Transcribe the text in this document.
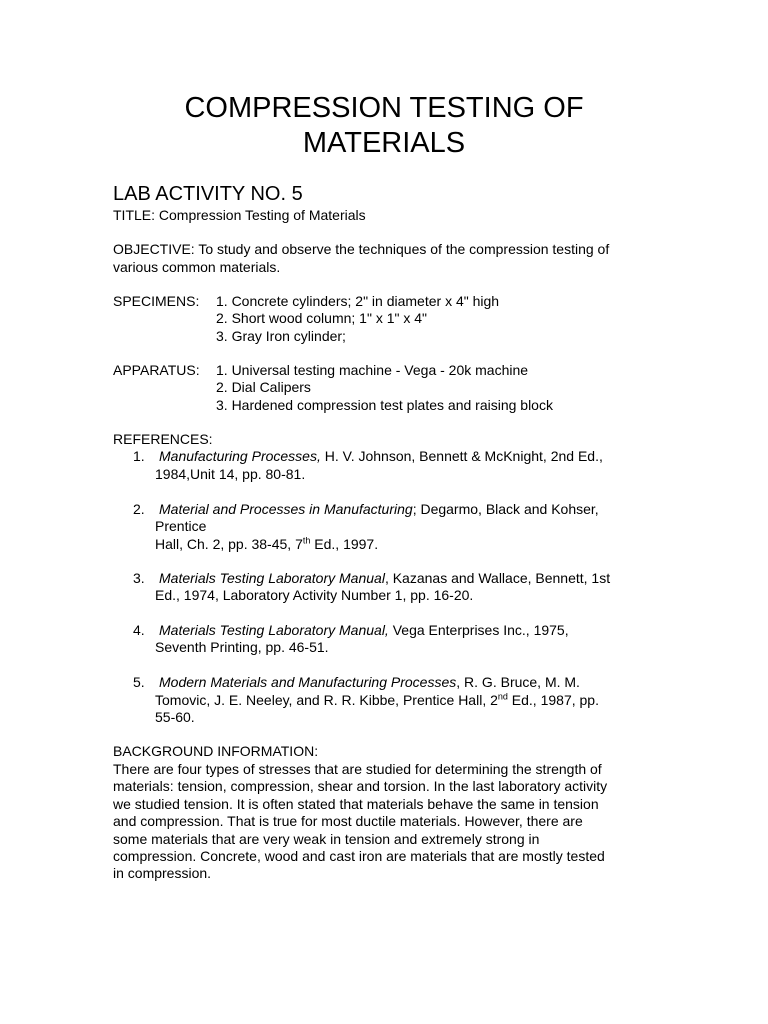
COMPRESSION TESTING OF
MATERIALS
LAB ACTIVITY NO. 5
TITLE: Compression Testing of Materials
OBJECTIVE: To study and observe the techniques of the compression testing of
various common materials.
SPECIMENS: 1. Concrete cylinders; 2" in diameter x 4" high
2. Short wood column; 1" x 1" x 4"
3. Gray Iron cylinder;
APPARATUS: 1. Universal testing machine - Vega - 20k machine
2. Dial Calipers
3. Hardened compression test plates and raising block
REFERENCES:
1. Manufacturing Processes, H. V. Johnson, Bennett & McKnight, 2nd Ed.,
1984,Unit 14, pp. 80-81.
2. Material and Processes in Manufacturing; Degarmo, Black and Kohser,
Prentice
Hall, Ch. 2, pp. 38-45, 7th Ed., 1997.
3. Materials Testing Laboratory Manual, Kazanas and Wallace, Bennett, 1st
Ed., 1974, Laboratory Activity Number 1, pp. 16-20.
4. Materials Testing Laboratory Manual, Vega Enterprises Inc., 1975,
Seventh Printing, pp. 46-51.
5. Modern Materials and Manufacturing Processes, R. G. Bruce, M. M.
Tomovic, J. E. Neeley, and R. R. Kibbe, Prentice Hall, 2nd Ed., 1987, pp.
55-60.
BACKGROUND INFORMATION:
There are four types of stresses that are studied for determining the strength of
materials: tension, compression, shear and torsion. In the last laboratory activity
we studied tension. It is often stated that materials behave the same in tension
and compression. That is true for most ductile materials. However, there are
some materials that are very weak in tension and extremely strong in
compression. Concrete, wood and cast iron are materials that are mostly tested
in compression.
